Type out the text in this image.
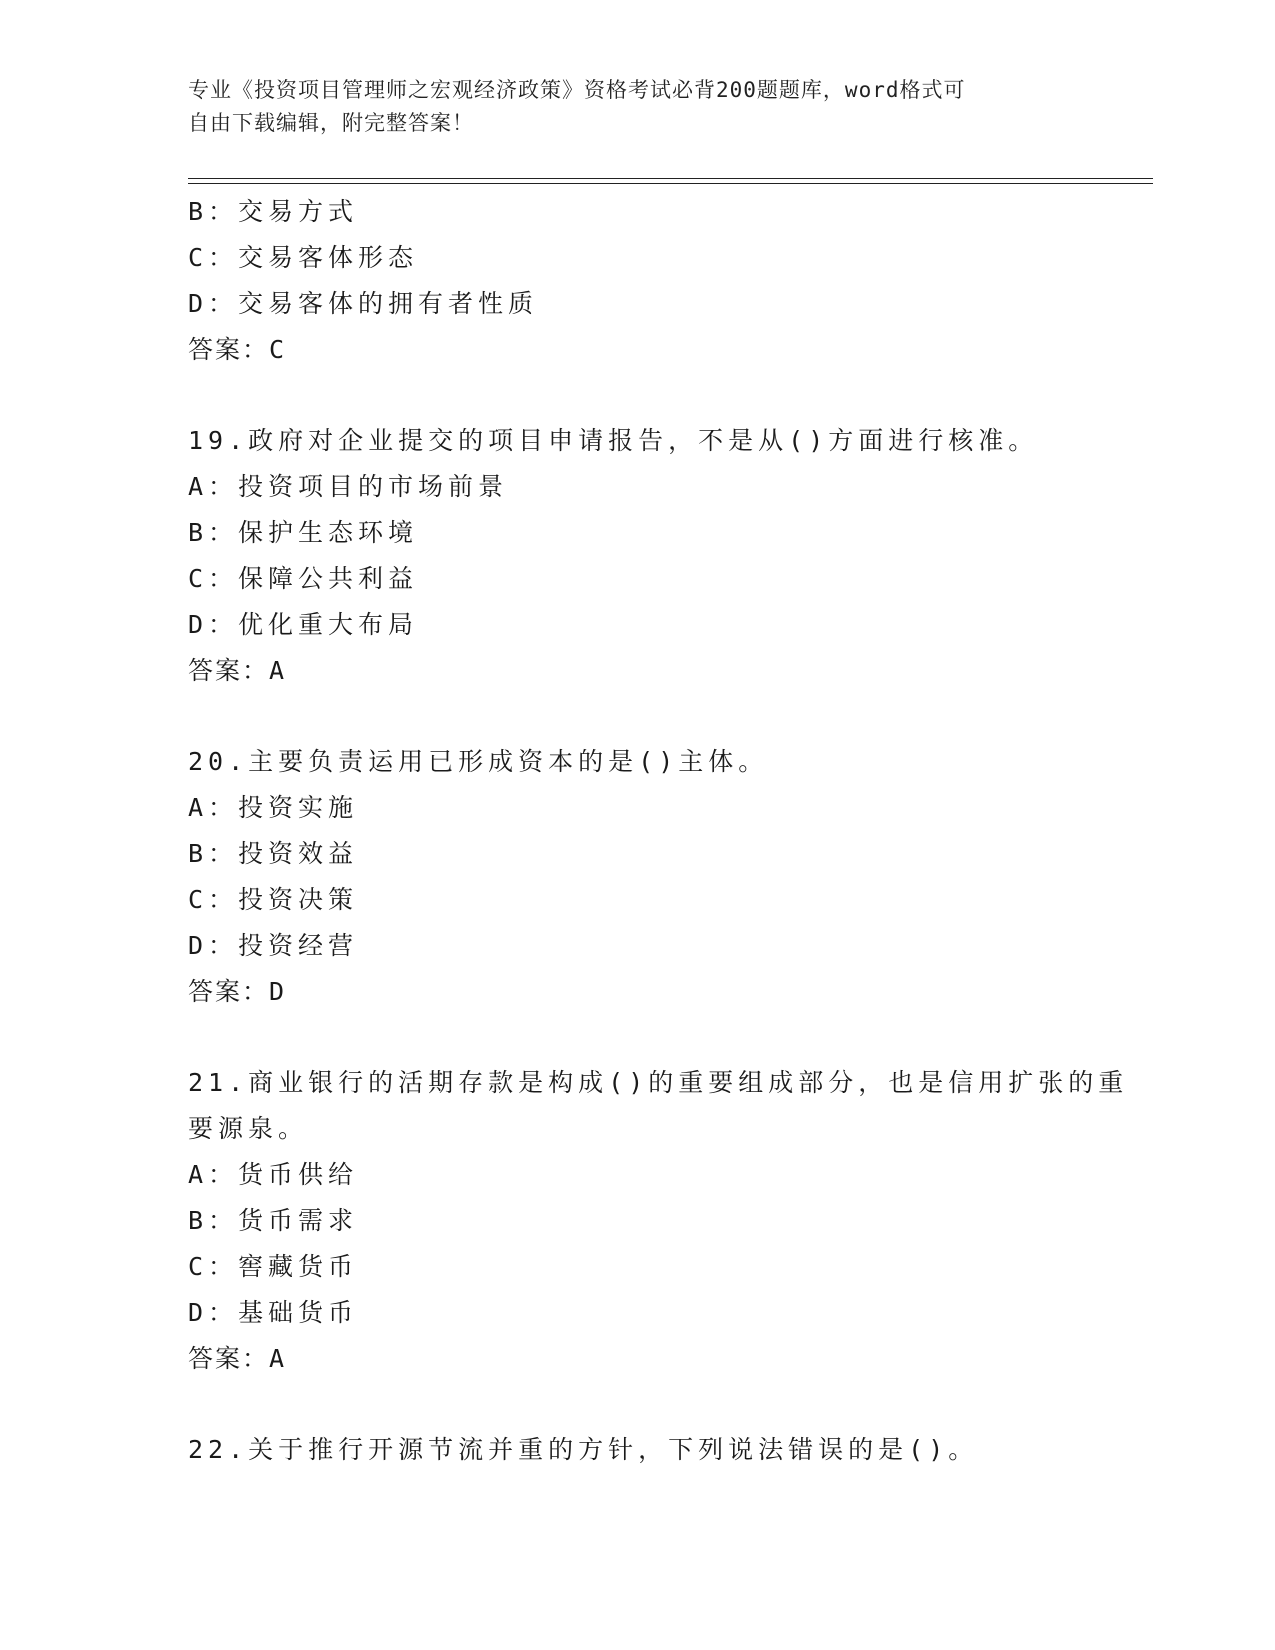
专业《投资项目管理师之宏观经济政策》资格考试必背200题题库，word格式可
自由下载编辑，附完整答案！
B：交易方式
C：交易客体形态
D：交易客体的拥有者性质
答案：C
19.政府对企业提交的项目申请报告，不是从()方面进行核准。
A：投资项目的市场前景
B：保护生态环境
C：保障公共利益
D：优化重大布局
答案：A
20.主要负责运用已形成资本的是()主体。
A：投资实施
B：投资效益
C：投资决策
D：投资经营
答案：D
21.商业银行的活期存款是构成()的重要组成部分，也是信用扩张的重
要源泉。
A：货币供给
B：货币需求
C：窖藏货币
D：基础货币
答案：A
22.关于推行开源节流并重的方针，下列说法错误的是()。
